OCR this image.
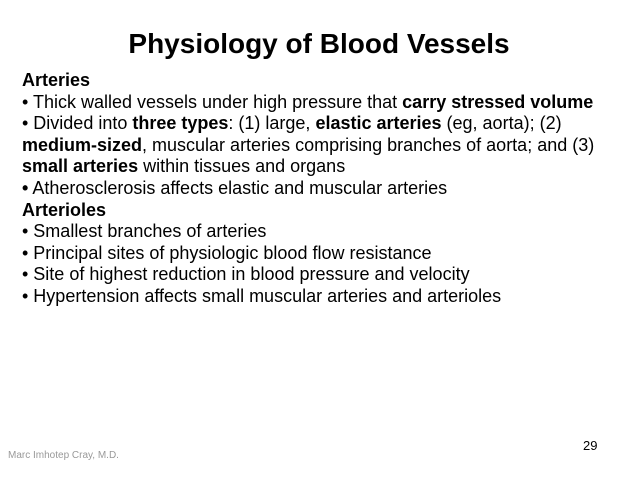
Physiology of Blood Vessels

Arteries

• Thick walled vessels under high pressure that carry stressed volume

• Divided into three types: (1) large, elastic arteries (eg, aorta); (2) medium-sized, muscular arteries comprising branches of aorta; and (3) small arteries within tissues and organs

• Atherosclerosis affects elastic and muscular arteries

Arterioles

• Smallest branches of arteries

• Principal sites of physiologic blood flow resistance

• Site of highest reduction in blood pressure and velocity

• Hypertension affects small muscular arteries and arterioles

29
Marc Imhotep Cray, M.D.
